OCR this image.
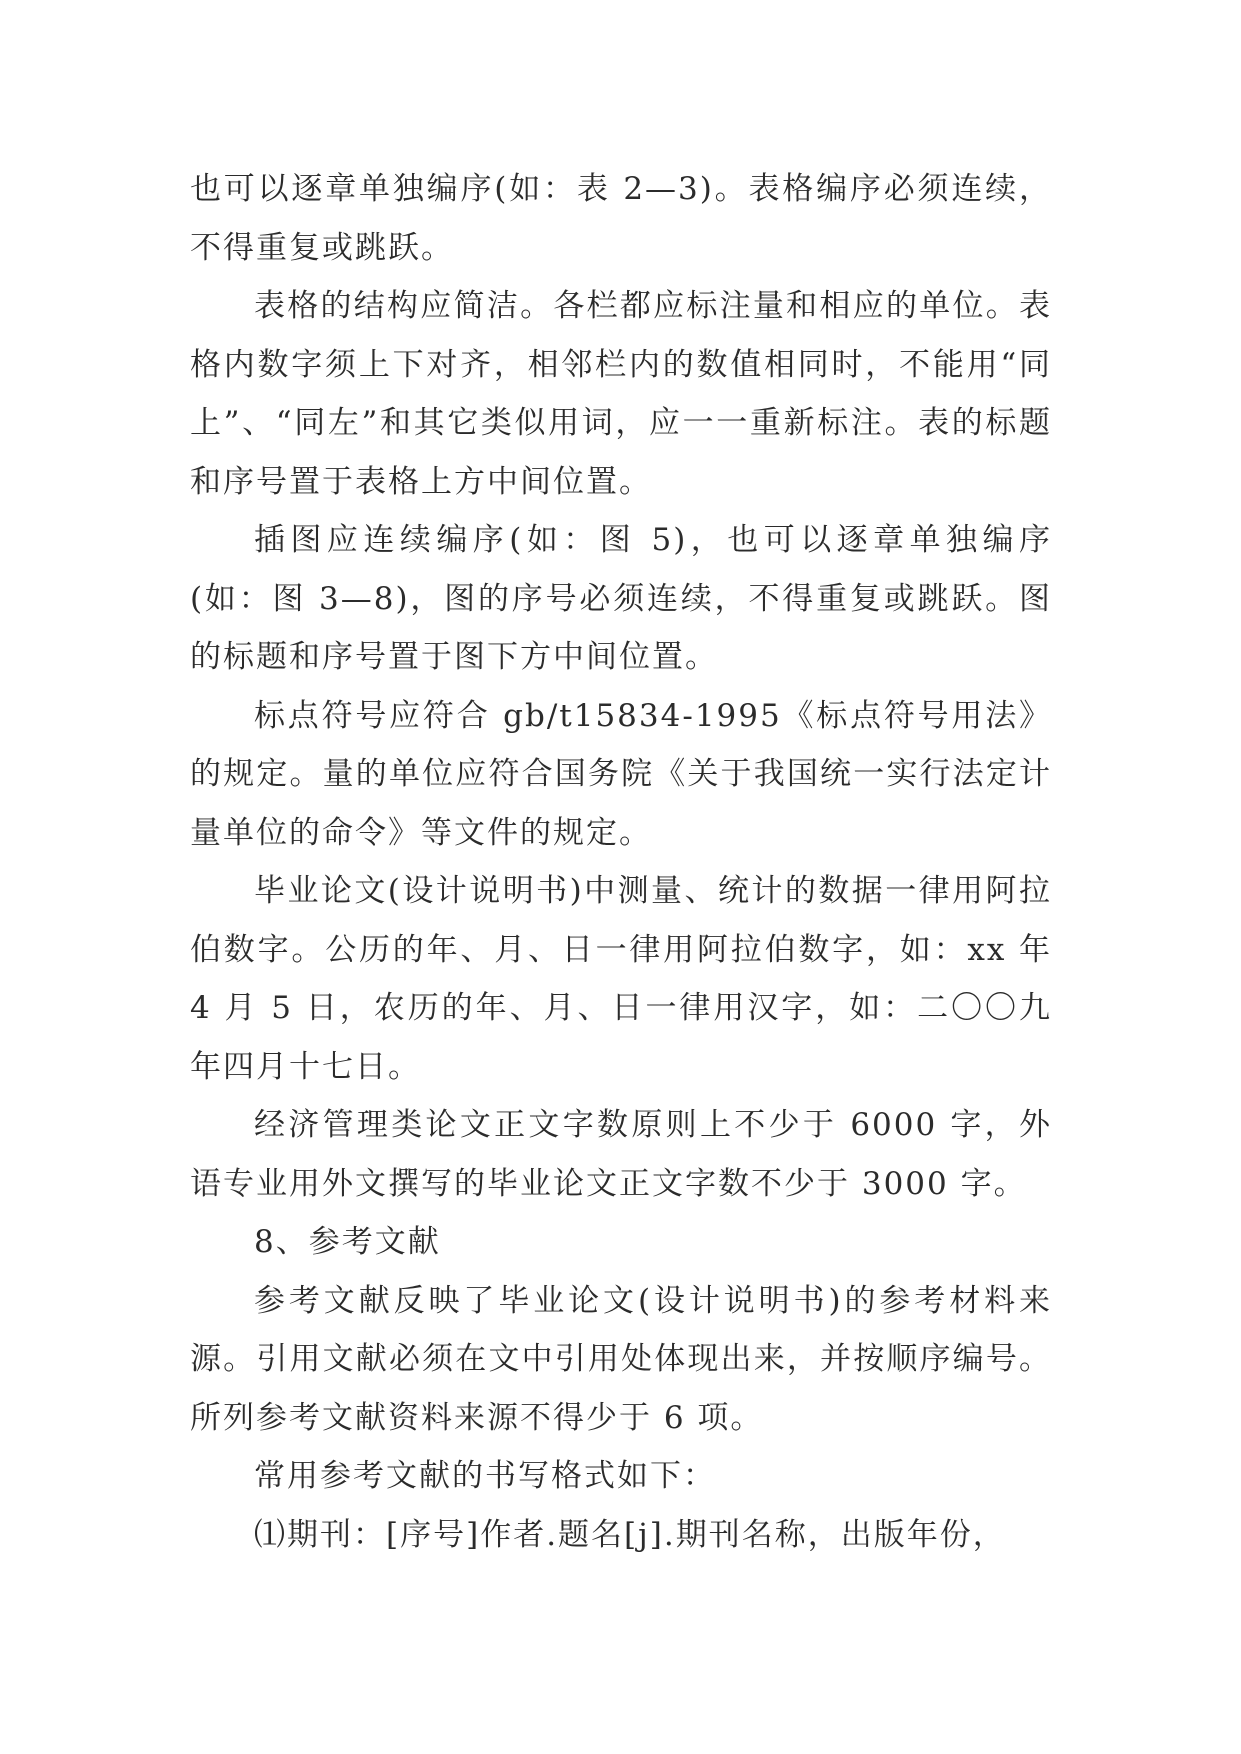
也可以逐章单独编序(如：表 2—3)。表格编序必须连续，不得重复或跳跃。

表格的结构应简洁。各栏都应标注量和相应的单位。表格内数字须上下对齐，相邻栏内的数值相同时，不能用“同上”、“同左”和其它类似用词，应一一重新标注。表的标题和序号置于表格上方中间位置。

插图应连续编序(如：图 5)，也可以逐章单独编序(如：图 3—8)，图的序号必须连续，不得重复或跳跃。图的标题和序号置于图下方中间位置。

标点符号应符合 gb/t15834-1995《标点符号用法》的规定。量的单位应符合国务院《关于我国统一实行法定计量单位的命令》等文件的规定。

毕业论文(设计说明书)中测量、统计的数据一律用阿拉伯数字。公历的年、月、日一律用阿拉伯数字，如：xx 年 4 月 5 日，农历的年、月、日一律用汉字，如：二〇〇九年四月十七日。

经济管理类论文正文字数原则上不少于 6000 字，外语专业用外文撰写的毕业论文正文字数不少于 3000 字。

8、参考文献

参考文献反映了毕业论文(设计说明书)的参考材料来源。引用文献必须在文中引用处体现出来，并按顺序编号。所列参考文献资料来源不得少于 6 项。

常用参考文献的书写格式如下：

⑴期刊：[序号]作者.题名[j].期刊名称，出版年份，
